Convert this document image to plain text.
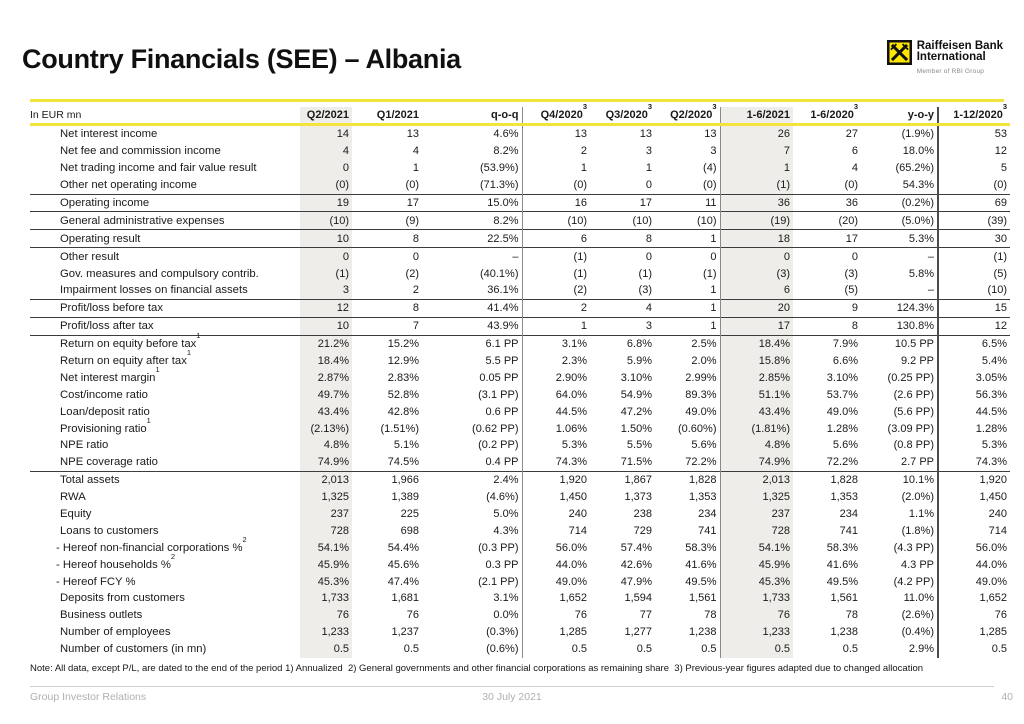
Country Financials (SEE) – Albania	Raiffeisen Bank
International
Member of RBI Group
In EUR mn	Q2/2021	Q1/2021	q-o-q	Q4/2020$^3$	Q3/2020$^3$	Q2/2020$^3$	1-6/2021	1-6/2020$^3$	y-o-y	1-12/2020$^3$
Net interest income	14	13	4.6%	13	13	13	26	27	(1.9%)	53
Net fee and commission income	4	4	8.2%	2	3	3	7	6	18.0%	12
Net trading income and fair value result	0	1	(53.9%)	1	1	(4)	1	4	(65.2%)	5
Other net operating income	(0)	(0)	(71.3%)	(0)	0	(0)	(1)	(0)	54.3%	(0)
Operating income	19	17	15.0%	16	17	11	36	36	(0.2%)	69
General administrative expenses	(10)	(9)	8.2%	(10)	(10)	(10)	(19)	(20)	(5.0%)	(39)
Operating result	10	8	22.5%	6	8	1	18	17	5.3%	30
Other result	0	0	–	(1)	0	0	0	0	–	(1)
Gov. measures and compulsory contrib.	(1)	(2)	(40.1%)	(1)	(1)	(1)	(3)	(3)	5.8%	(5)
Impairment losses on financial assets	3	2	36.1%	(2)	(3)	1	6	(5)	–	(10)
Profit/loss before tax	12	8	41.4%	2	4	1	20	9	124.3%	15
Profit/loss after tax	10	7	43.9%	1	3	1	17	8	130.8%	12
Return on equity before tax$^1$	21.2%	15.2%	6.1 PP	3.1%	6.8%	2.5%	18.4%	7.9%	10.5 PP	6.5%
Return on equity after tax$^1$	18.4%	12.9%	5.5 PP	2.3%	5.9%	2.0%	15.8%	6.6%	9.2 PP	5.4%
Net interest margin$^1$	2.87%	2.83%	0.05 PP	2.90%	3.10%	2.99%	2.85%	3.10%	(0.25 PP)	3.05%
Cost/income ratio	49.7%	52.8%	(3.1 PP)	64.0%	54.9%	89.3%	51.1%	53.7%	(2.6 PP)	56.3%
Loan/deposit ratio	43.4%	42.8%	0.6 PP	44.5%	47.2%	49.0%	43.4%	49.0%	(5.6 PP)	44.5%
Provisioning ratio$^1$	(2.13%)	(1.51%)	(0.62 PP)	1.06%	1.50%	(0.60%)	(1.81%)	1.28%	(3.09 PP)	1.28%
NPE ratio	4.8%	5.1%	(0.2 PP)	5.3%	5.5%	5.6%	4.8%	5.6%	(0.8 PP)	5.3%
NPE coverage ratio	74.9%	74.5%	0.4 PP	74.3%	71.5%	72.2%	74.9%	72.2%	2.7 PP	74.3%
Total assets	2,013	1,966	2.4%	1,920	1,867	1,828	2,013	1,828	10.1%	1,920
RWA	1,325	1,389	(4.6%)	1,450	1,373	1,353	1,325	1,353	(2.0%)	1,450
Equity	237	225	5.0%	240	238	234	237	234	1.1%	240
Loans to customers	728	698	4.3%	714	729	741	728	741	(1.8%)	714
- Hereof non-financial corporations %$^2$	54.1%	54.4%	(0.3 PP)	56.0%	57.4%	58.3%	54.1%	58.3%	(4.3 PP)	56.0%
- Hereof households %$^2$	45.9%	45.6%	0.3 PP	44.0%	42.6%	41.6%	45.9%	41.6%	4.3 PP	44.0%
- Hereof FCY %	45.3%	47.4%	(2.1 PP)	49.0%	47.9%	49.5%	45.3%	49.5%	(4.2 PP)	49.0%
Deposits from customers	1,733	1,681	3.1%	1,652	1,594	1,561	1,733	1,561	11.0%	1,652
Business outlets	76	76	0.0%	76	77	78	76	78	(2.6%)	76
Number of employees	1,233	1,237	(0.3%)	1,285	1,277	1,238	1,233	1,238	(0.4%)	1,285
Number of customers (in mn)	0.5	0.5	(0.6%)	0.5	0.5	0.5	0.5	0.5	2.9%	0.5
Note: All data, except P/L, are dated to the end of the period 1) Annualized  2) General governments and other financial corporations as remaining share  3) Previous-year figures adapted due to changed allocation
Group Investor Relations	30 July 2021	40
